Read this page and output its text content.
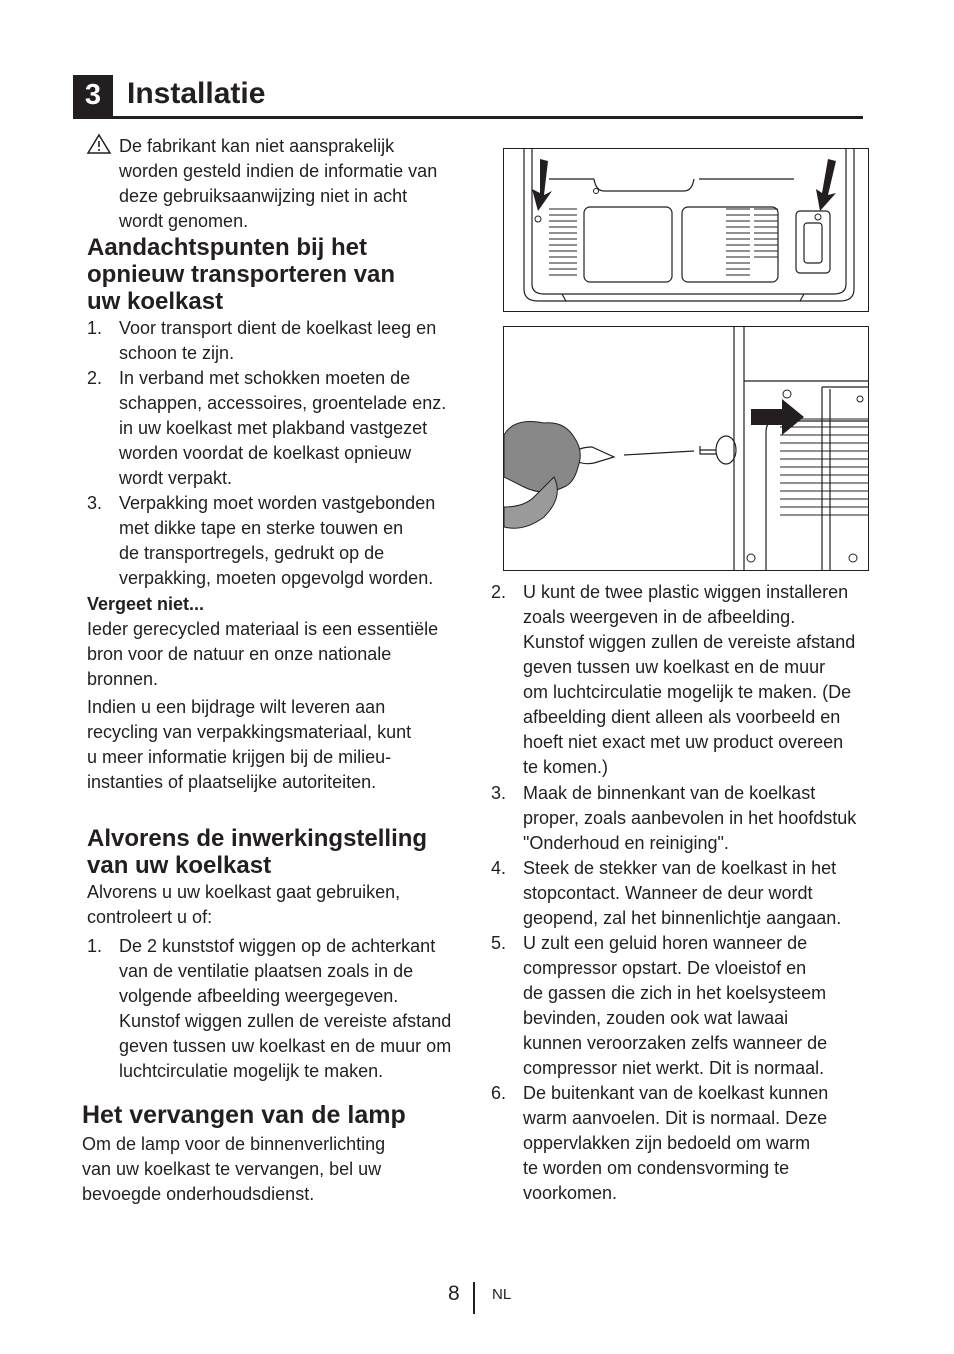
3 Installatie
De fabrikant kan niet aansprakelijk
worden gesteld indien de informatie van
deze gebruiksaanwijzing niet in acht
wordt genomen.
Aandachtspunten bij het
opnieuw transporteren van
uw koelkast
1. Voor transport dient de koelkast leeg en
schoon te zijn.
2. In verband met schokken moeten de
schappen, accessoires, groentelade enz.
in uw koelkast met plakband vastgezet
worden voordat de koelkast opnieuw
wordt verpakt.
3. Verpakking moet worden vastgebonden
met dikke tape en sterke touwen en
de transportregels, gedrukt op de
verpakking, moeten opgevolgd worden.
Vergeet niet...
Ieder gerecycled materiaal is een essentiële
bron voor de natuur en onze nationale
bronnen.
Indien u een bijdrage wilt leveren aan
recycling van verpakkingsmateriaal, kunt
u meer informatie krijgen bij de milieu-
instanties of plaatselijke autoriteiten.
Alvorens de inwerkingstelling
van uw koelkast
Alvorens u uw koelkast gaat gebruiken,
controleert u of:
1. De 2 kunststof wiggen op de achterkant
van de ventilatie plaatsen zoals in de
volgende afbeelding weergegeven.
Kunstof wiggen zullen de vereiste afstand
geven tussen uw koelkast en de muur om
luchtcirculatie mogelijk te maken.
Het vervangen van de lamp
Om de lamp voor de binnenverlichting
van uw koelkast te vervangen, bel uw
bevoegde onderhoudsdienst.
2. U kunt de twee plastic wiggen installeren
zoals weergeven in de afbeelding.
Kunstof wiggen zullen de vereiste afstand
geven tussen uw koelkast en de muur
om luchtcirculatie mogelijk te maken. (De
afbeelding dient alleen als voorbeeld en
hoeft niet exact met uw product overeen
te komen.)
3. Maak de binnenkant van de koelkast
proper, zoals aanbevolen in het hoofdstuk
"Onderhoud en reiniging".
4. Steek de stekker van de koelkast in het
stopcontact. Wanneer de deur wordt
geopend, zal het binnenlichtje aangaan.
5. U zult een geluid horen wanneer de
compressor opstart. De vloeistof en
de gassen die zich in het koelsysteem
bevinden, zouden ook wat lawaai
kunnen veroorzaken zelfs wanneer de
compressor niet werkt. Dit is normaal.
6. De buitenkant van de koelkast kunnen
warm aanvoelen. Dit is normaal. Deze
oppervlakken zijn bedoeld om warm
te worden om condensvorming te
voorkomen.
8 NL
